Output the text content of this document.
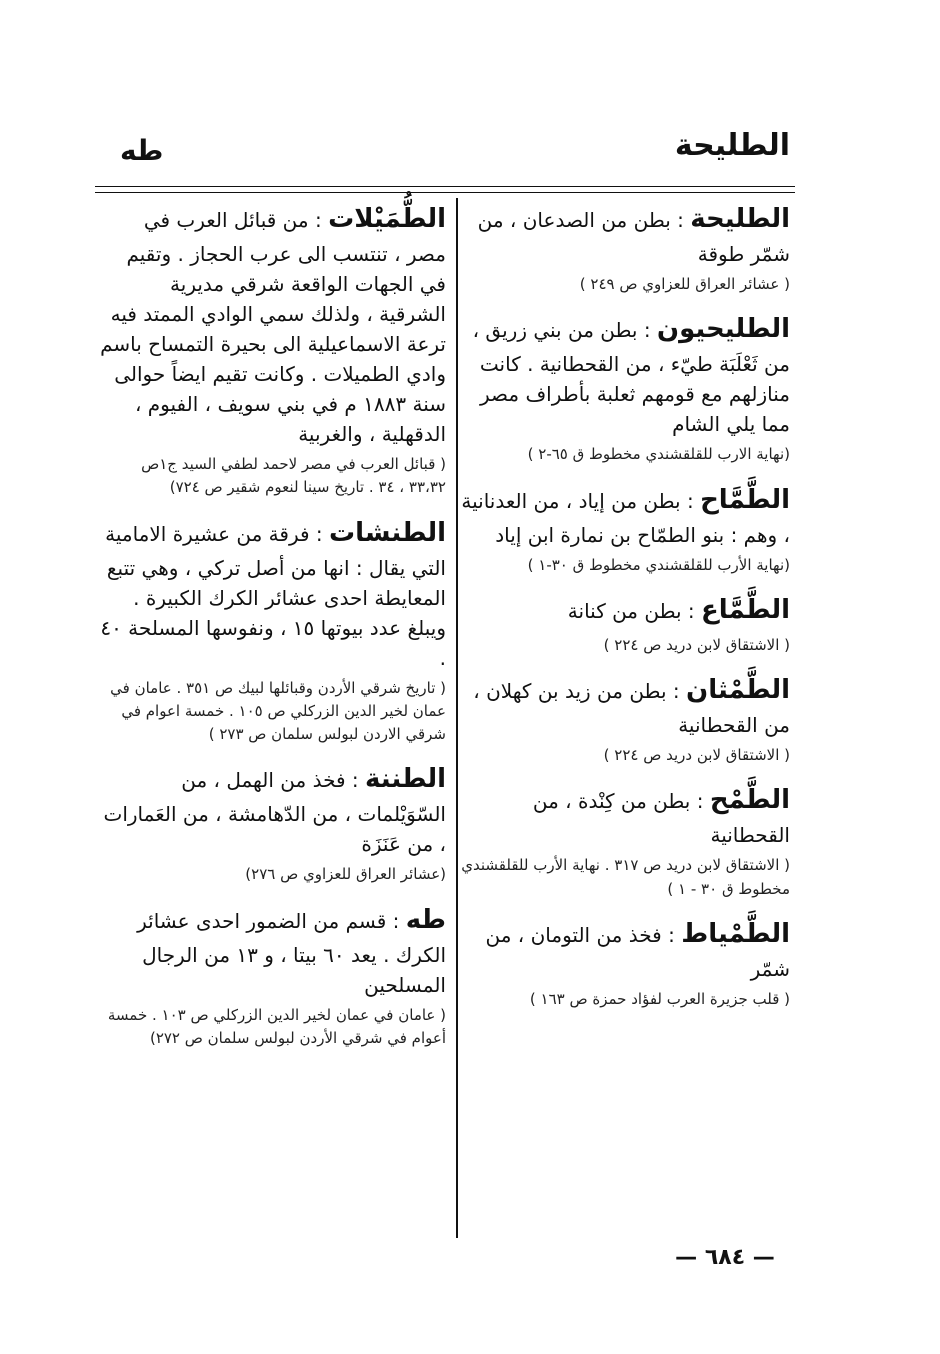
الطليحة
طه

الطليحة : بطن من الصدعان ، من شمّر طوقة

( عشائر العراق للعزاوي ص ٢٤٩ )

الطليحيون : بطن من بني زريق ، من ثَعْلَبَة طيّء ، من القحطانية . كانت منازلهم مع قومهم ثعلبة بأطراف مصر مما يلي الشام

(نهاية الارب للقلقشندي مخطوط ق ٦٥-٢ )

الطَّمَّاح : بطن من إياد ، من العدنانية ، وهم : بنو الطمّاح بن نمارة ابن إياد

(نهاية الأرب للقلقشندي مخطوط ق ٣٠-١ )

الطَّمَّاع : بطن من كنانة

( الاشتقاق لابن دريد ص ٢٢٤ )

الطَّمْثان : بطن من زيد بن كهلان ، من القحطانية

( الاشتقاق لابن دريد ص ٢٢٤ )

الطَّمْح : بطن من كِنْدة ، من القحطانية

( الاشتقاق لابن دريد ص ٣١٧ . نهاية الأرب للقلقشندي مخطوط ق ٣٠ - ١ )

الطَّمْياط : فخذ من التومان ، من شمّر

( قلب جزيرة العرب لفؤاد حمزة ص ١٦٣ )

الطُّمَيْلات : من قبائل العرب في مصر ، تنتسب الى عرب الحجاز . وتقيم في الجهات الواقعة شرقي مديرية الشرقية ، ولذلك سمي الوادي الممتد فيه ترعة الاسماعيلية الى بحيرة التمساح باسم وادي الطميلات . وكانت تقيم ايضاً حوالى سنة ١٨٨٣ م في بني سويف ، الفيوم ، الدقهلية ، والغربية

( قبائل العرب في مصر لاحمد لطفي السيد ج١ص ٣٣،٣٢ ، ٣٤ . تاريخ سينا لنعوم شقير ص ٧٢٤)

الطنشات : فرقة من عشيرة الامامية التي يقال : انها من أصل تركي ، وهي تتبع المعايطة احدى عشائر الكرك الكبيرة . ويبلغ عدد بيوتها ١٥ ، ونفوسها المسلحة ٤٠ .

( تاريخ شرقي الأردن وقبائلها لبيك ص ٣٥١ . عامان في عمان لخير الدين الزركلي ص ١٠٥ . خمسة اعوام في شرقي الاردن لبولس سلمان ص ٢٧٣ )

الطننة : فخذ من الهمل ، من السّوَيْلمات ، من الدّهامشة ، من العَمارات ، من عَنَزَة

(عشائر العراق للعزاوي ص ٢٧٦)

طه : قسم من الضمور احدى عشائر الكرك . يعد ٦٠ بيتا ، و ١٣ من الرجال المسلحين

( عامان في عمان لخير الدين الزركلي ص ١٠٣ . خمسة أعوام في شرقي الأردن لبولس سلمان ص ٢٧٢)

— ٦٨٤ —
